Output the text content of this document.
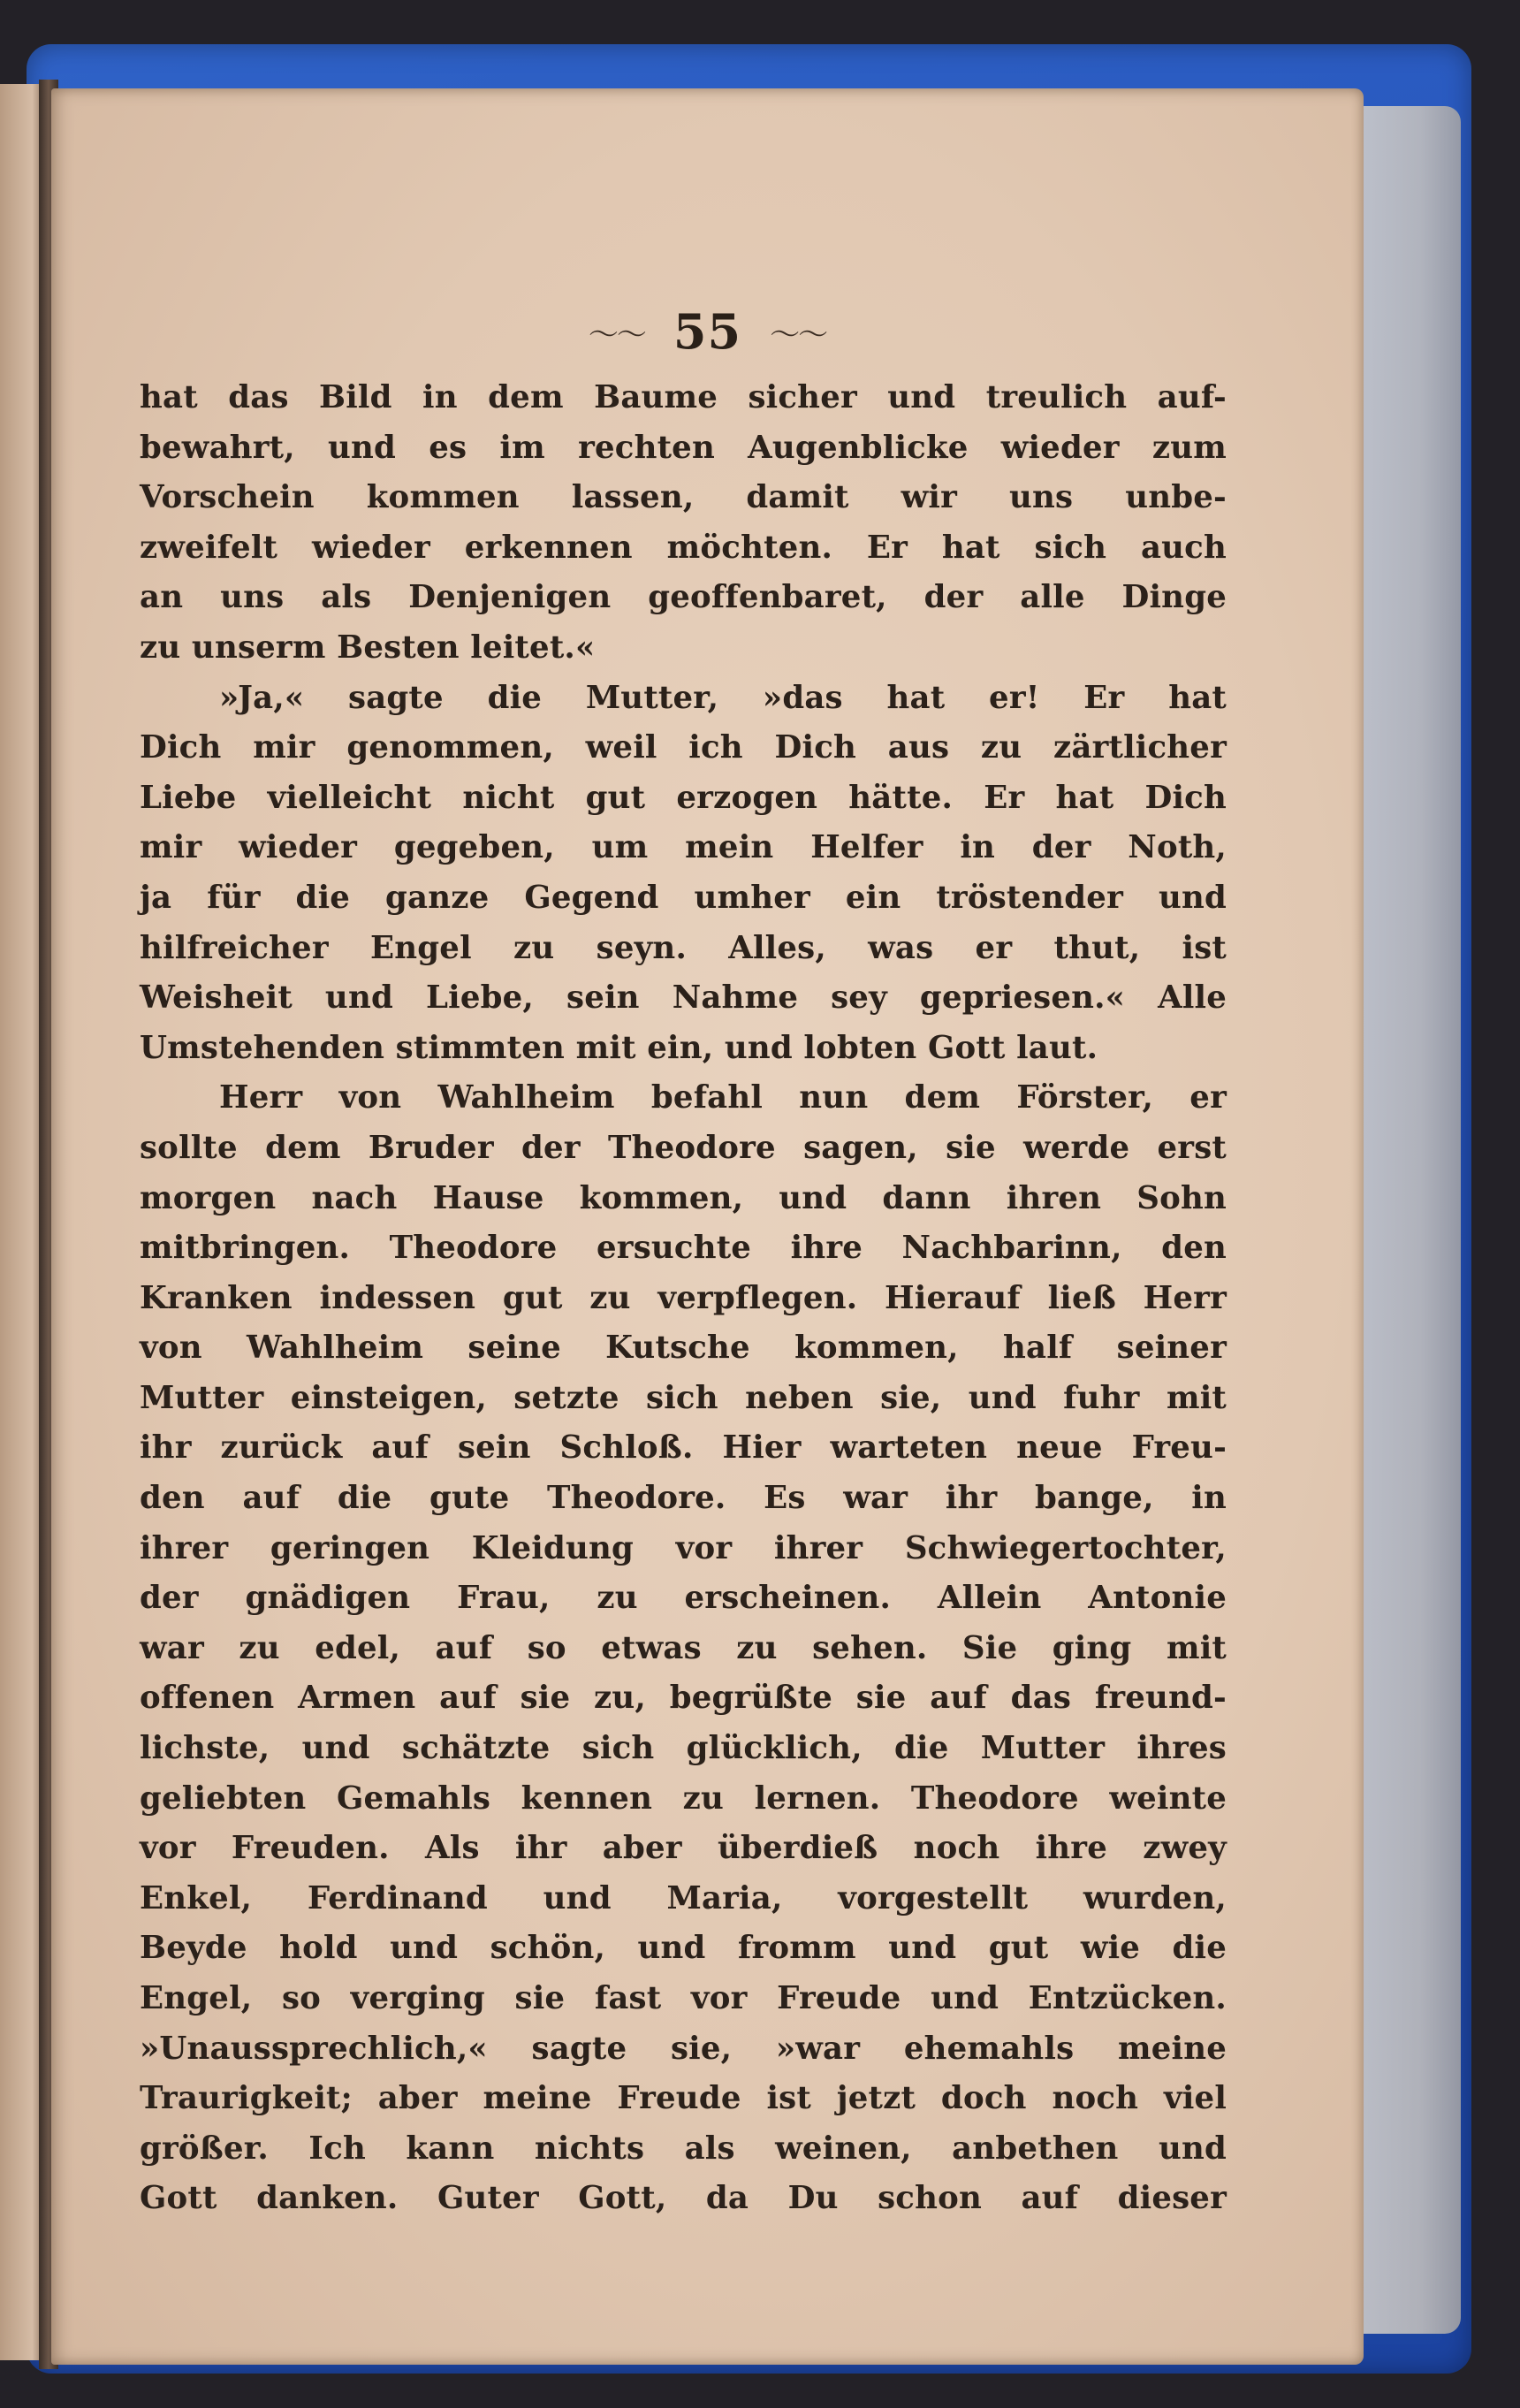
〜〜 55 〜〜
hat das Bild in dem Baume sicher und treulich auf-
bewahrt, und es im rechten Augenblicke wieder zum
Vorschein kommen lassen, damit wir uns unbe-
zweifelt wieder erkennen möchten. Er hat sich auch
an uns als Denjenigen geoffenbaret, der alle Dinge
zu unserm Besten leitet.«
»Ja,« sagte die Mutter, »das hat er! Er hat
Dich mir genommen, weil ich Dich aus zu zärtlicher
Liebe vielleicht nicht gut erzogen hätte. Er hat Dich
mir wieder gegeben, um mein Helfer in der Noth,
ja für die ganze Gegend umher ein tröstender und
hilfreicher Engel zu seyn. Alles, was er thut, ist
Weisheit und Liebe, sein Nahme sey gepriesen.« Alle
Umstehenden stimmten mit ein, und lobten Gott laut.
Herr von Wahlheim befahl nun dem Förster, er
sollte dem Bruder der Theodore sagen, sie werde erst
morgen nach Hause kommen, und dann ihren Sohn
mitbringen. Theodore ersuchte ihre Nachbarinn, den
Kranken indessen gut zu verpflegen. Hierauf ließ Herr
von Wahlheim seine Kutsche kommen, half seiner
Mutter einsteigen, setzte sich neben sie, und fuhr mit
ihr zurück auf sein Schloß. Hier warteten neue Freu-
den auf die gute Theodore. Es war ihr bange, in
ihrer geringen Kleidung vor ihrer Schwiegertochter,
der gnädigen Frau, zu erscheinen. Allein Antonie
war zu edel, auf so etwas zu sehen. Sie ging mit
offenen Armen auf sie zu, begrüßte sie auf das freund-
lichste, und schätzte sich glücklich, die Mutter ihres
geliebten Gemahls kennen zu lernen. Theodore weinte
vor Freuden. Als ihr aber überdieß noch ihre zwey
Enkel, Ferdinand und Maria, vorgestellt wurden,
Beyde hold und schön, und fromm und gut wie die
Engel, so verging sie fast vor Freude und Entzücken.
»Unaussprechlich,« sagte sie, »war ehemahls meine
Traurigkeit; aber meine Freude ist jetzt doch noch viel
größer. Ich kann nichts als weinen, anbethen und
Gott danken. Guter Gott, da Du schon auf dieser
